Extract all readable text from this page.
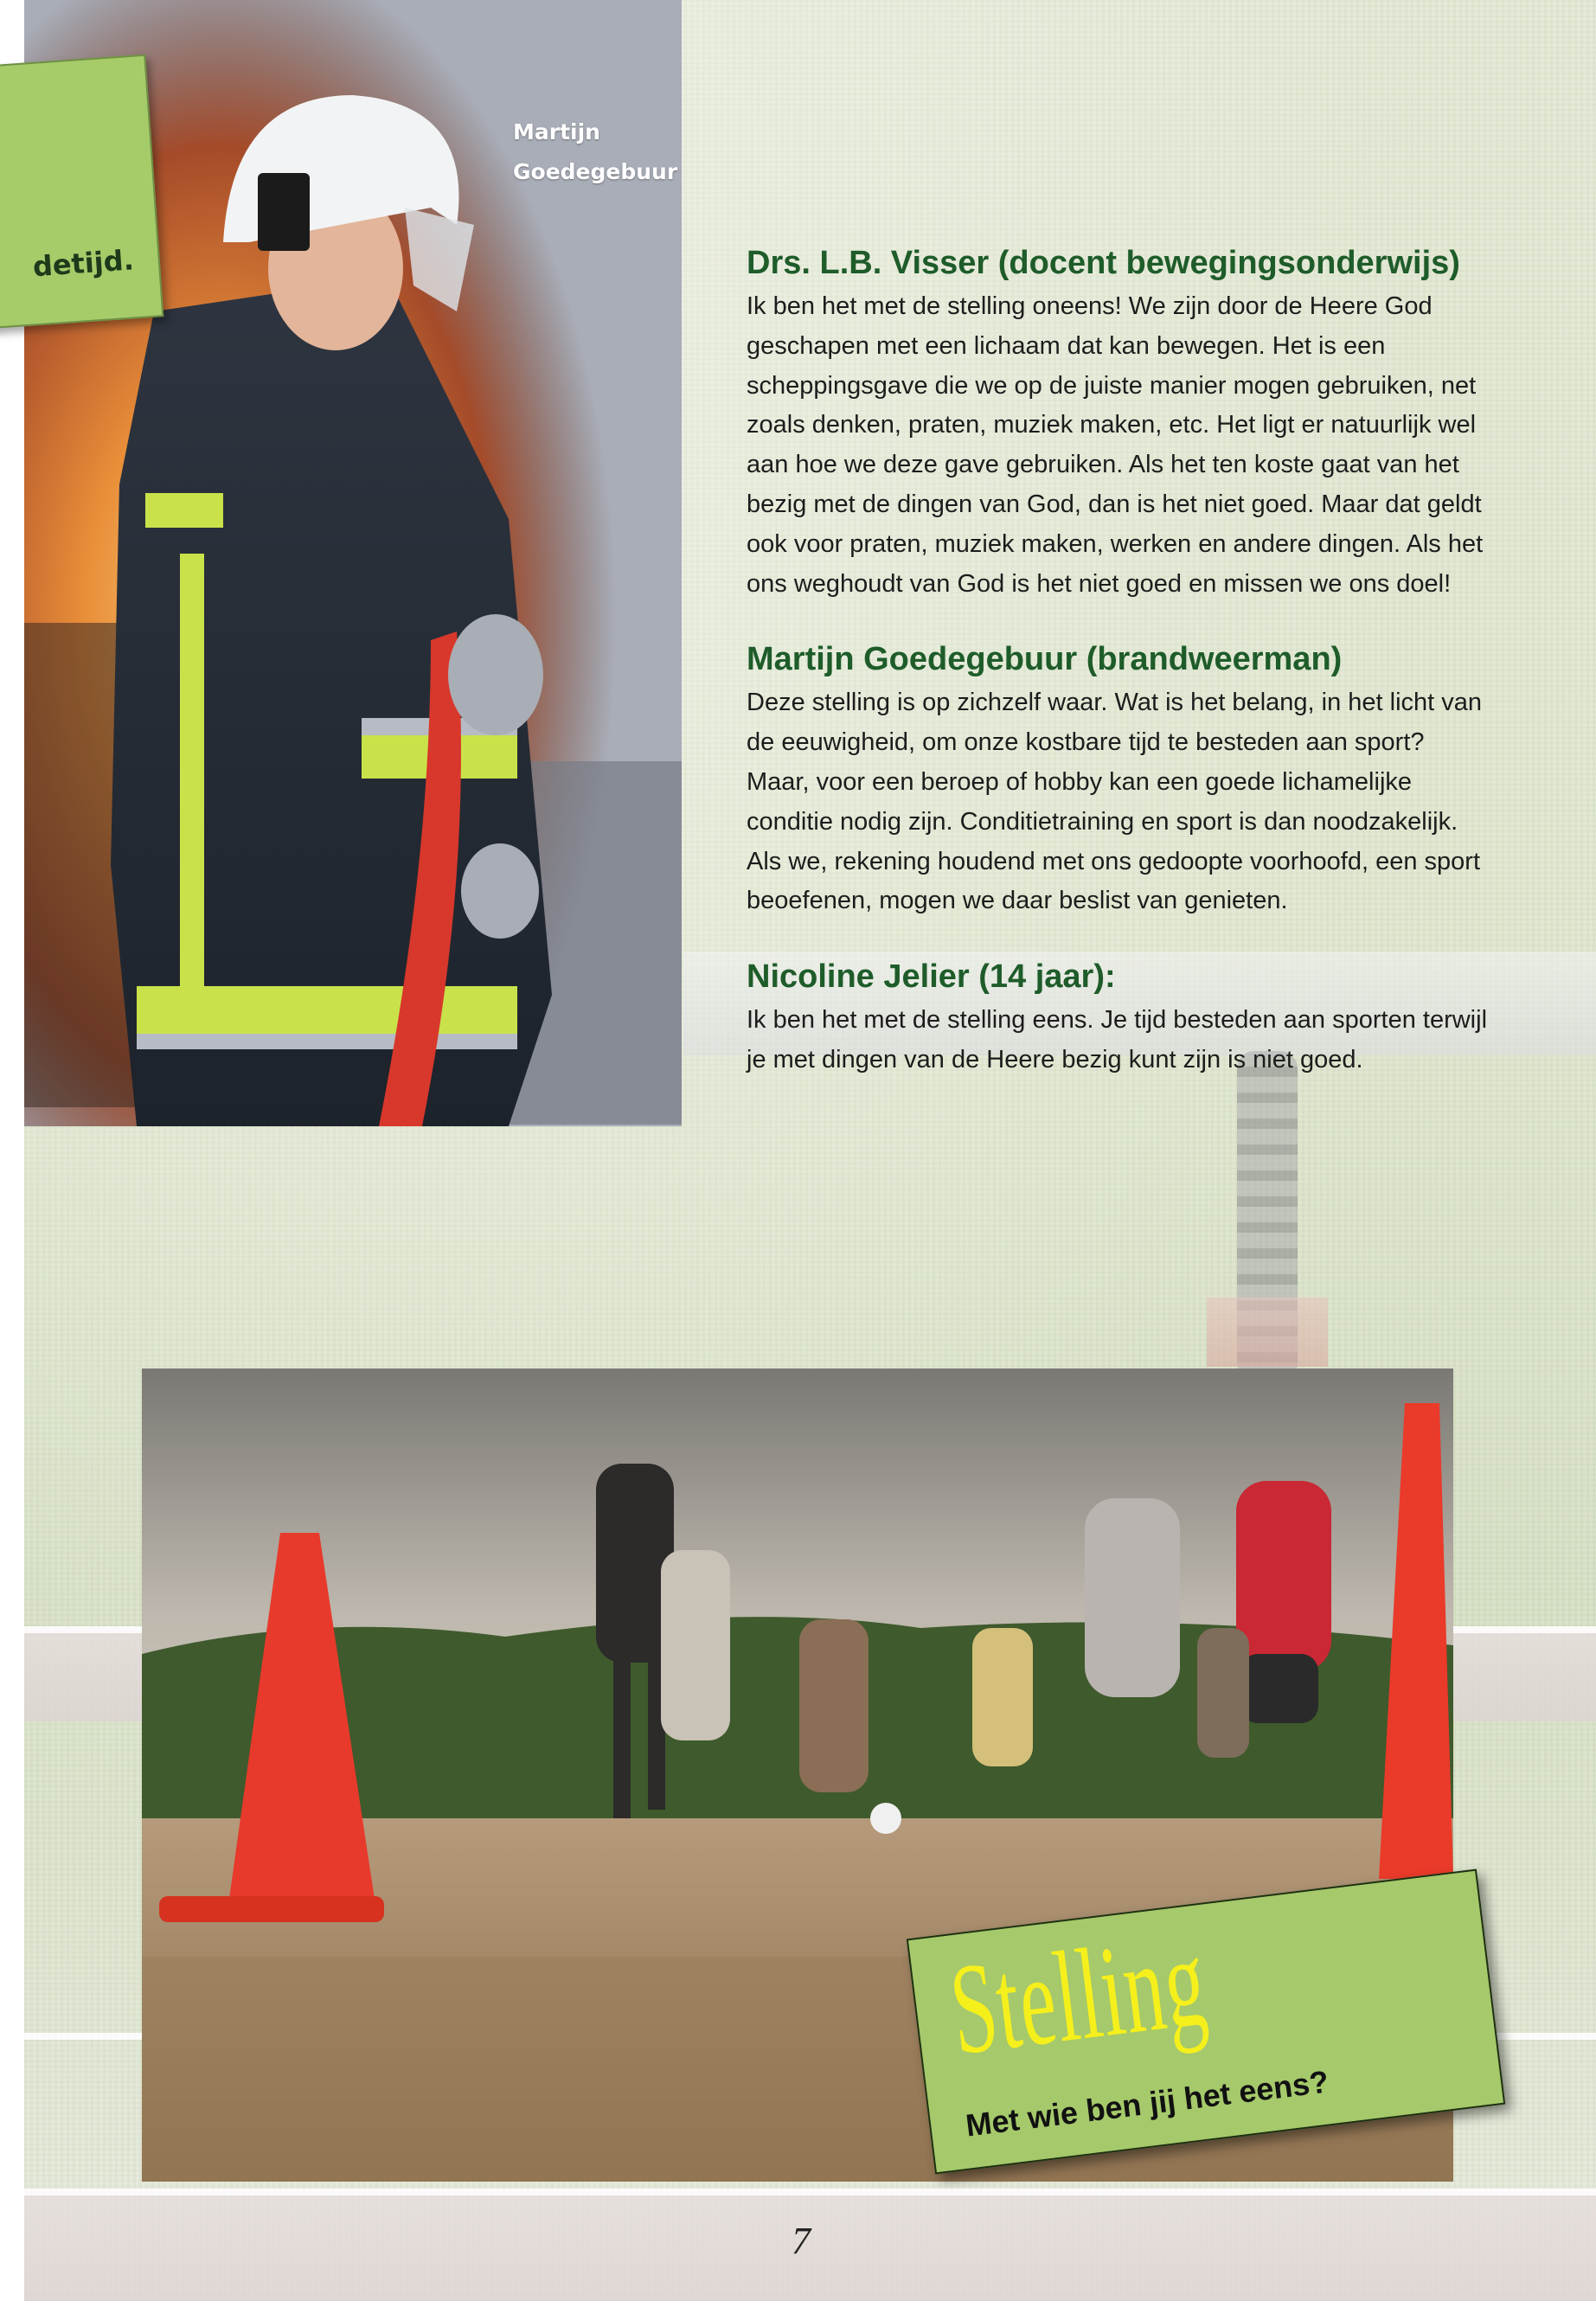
Martijn
Goedegebuur
detijd.	Drs. L.B. Visser (docent bewegingsonderwijs)

Ik ben het met de stelling oneens! We zijn door de Heere God geschapen met een lichaam dat kan bewegen. Het is een scheppingsgave die we op de juiste manier mogen gebruiken, net zoals denken, praten, muziek maken, etc. Het ligt er natuurlijk wel aan hoe we deze gave gebruiken. Als het ten koste gaat van het bezig met de dingen van God, dan is het niet goed. Maar dat geldt ook voor praten, muziek maken, werken en andere dingen. Als het ons weghoudt van God is het niet goed en missen we ons doel!

Martijn Goedegebuur (brandweerman)

Deze stelling is op zichzelf waar. Wat is het belang, in het licht van de eeuwigheid, om onze kostbare tijd te besteden aan sport? Maar, voor een beroep of hobby kan een goede lichamelijke conditie nodig zijn. Conditietraining en sport is dan noodzakelijk. Als we, rekening houdend met ons gedoopte voorhoofd, een sport beoefenen, mogen we daar beslist van genieten.

Nicoline Jelier (14 jaar):

Ik ben het met de stelling eens. Je tijd besteden aan sporten terwijl je met dingen van de Heere bezig kunt zijn is niet goed.

Stelling
Met wie ben jij het eens?
7
